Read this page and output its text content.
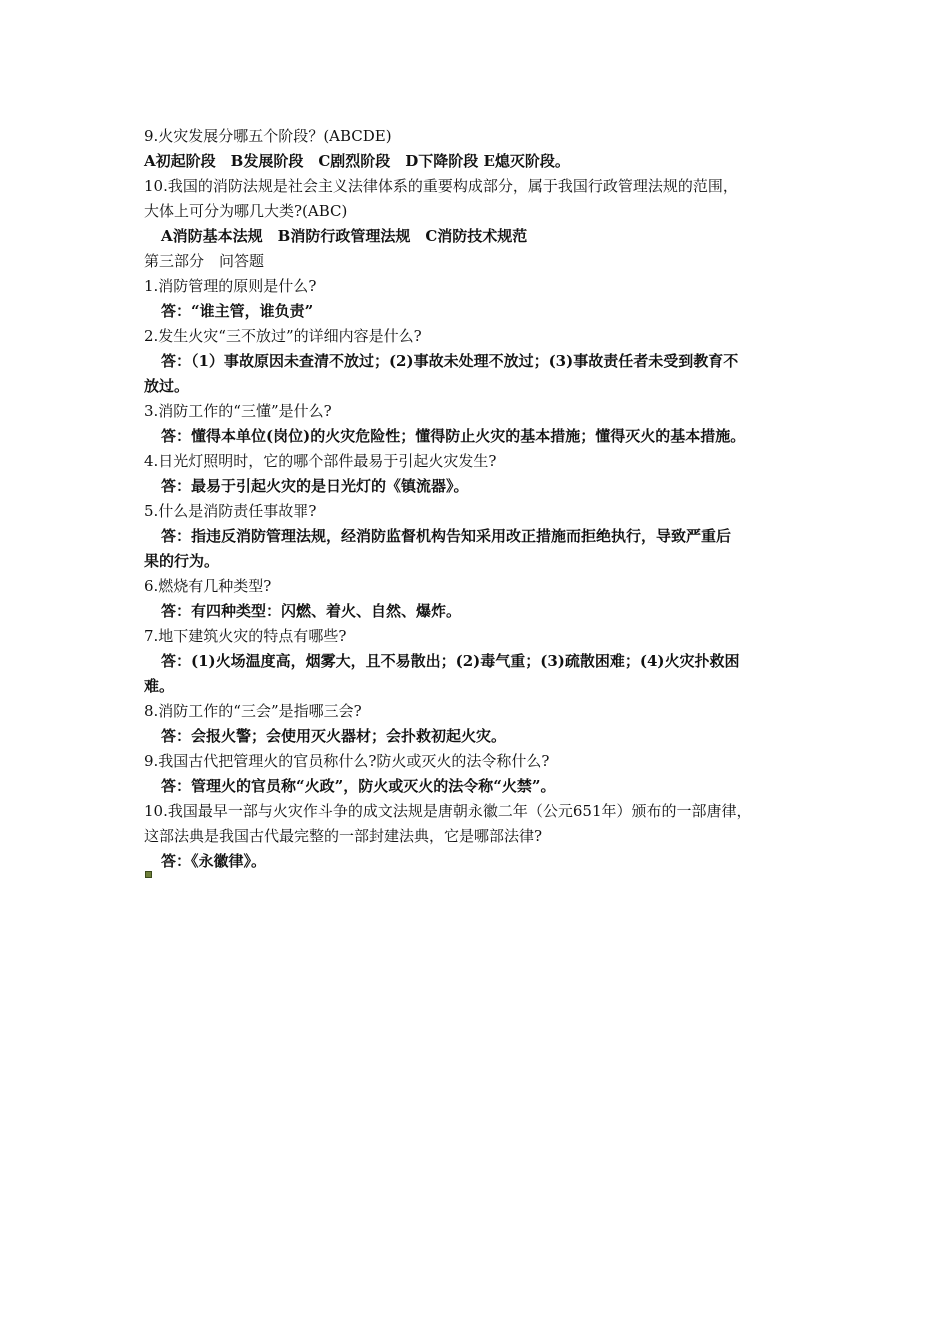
9.火灾发展分哪五个阶段？(ABCDE)
A初起阶段　B发展阶段　C剧烈阶段　D下降阶段 E熄灭阶段。
10.我国的消防法规是社会主义法律体系的重要构成部分，属于我国行政管理法规的范围，
大体上可分为哪几大类?(ABC)
A消防基本法规　B消防行政管理法规　C消防技术规范
第三部分　问答题
1.消防管理的原则是什么?
答：“谁主管，谁负责”
2.发生火灾“三不放过”的详细内容是什么?
答：（1）事故原因未查清不放过；(2)事故未处理不放过；(3)事故责任者未受到教育不
放过。
3.消防工作的“三懂”是什么?
答：懂得本单位(岗位)的火灾危险性；懂得防止火灾的基本措施；懂得灭火的基本措施。
4.日光灯照明时，它的哪个部件最易于引起火灾发生?
答：最易于引起火灾的是日光灯的《镇流器》。
5.什么是消防责任事故罪?
答：指违反消防管理法规，经消防监督机构告知采用改正措施而拒绝执行，导致严重后
果的行为。
6.燃烧有几种类型?
答：有四种类型：闪燃、着火、自然、爆炸。
7.地下建筑火灾的特点有哪些?
答：(1)火场温度高，烟雾大，且不易散出；(2)毒气重；(3)疏散困难；(4)火灾扑救困
难。
8.消防工作的“三会”是指哪三会?
答：会报火警；会使用灭火器材；会扑救初起火灾。
9.我国古代把管理火的官员称什么?防火或灭火的法令称什么?
答：管理火的官员称“火政”，防火或灭火的法令称“火禁”。
10.我国最早一部与火灾作斗争的成文法规是唐朝永徽二年（公元651年）颁布的一部唐律，
这部法典是我国古代最完整的一部封建法典，它是哪部法律?
答：《永徽律》。
